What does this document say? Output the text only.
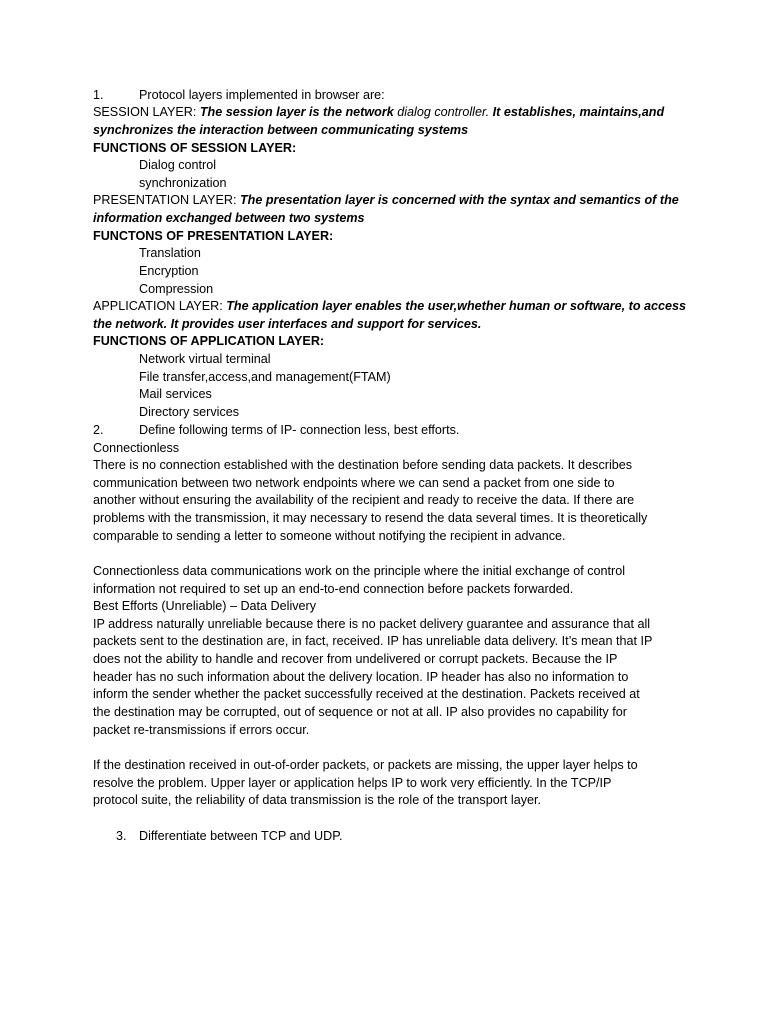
1.	Protocol layers implemented in browser are:
SESSION LAYER: The session layer is the network dialog controller. It establishes, maintains,and
synchronizes the interaction between communicating systems
FUNCTIONS OF SESSION LAYER:
Dialog control
synchronization
PRESENTATION LAYER: The presentation layer is concerned with the syntax and semantics of the
information exchanged between two systems
FUNCTONS OF PRESENTATION LAYER:
Translation
Encryption
Compression
APPLICATION LAYER: The application layer enables the user,whether human or software, to access
the network. It provides user interfaces and support for services.
FUNCTIONS OF APPLICATION LAYER:
Network virtual terminal
File transfer,access,and management(FTAM)
Mail services
Directory services
2.	Define following terms of IP- connection less, best efforts.
Connectionless
There is no connection established with the destination before sending data packets. It describes
communication between two network endpoints where we can send a packet from one side to
another without ensuring the availability of the recipient and ready to receive the data. If there are
problems with the transmission, it may necessary to resend the data several times. It is theoretically
comparable to sending a letter to someone without notifying the recipient in advance.
Connectionless data communications work on the principle where the initial exchange of control
information not required to set up an end-to-end connection before packets forwarded.
Best Efforts (Unreliable) – Data Delivery
IP address naturally unreliable because there is no packet delivery guarantee and assurance that all
packets sent to the destination are, in fact, received. IP has unreliable data delivery. It’s mean that IP
does not the ability to handle and recover from undelivered or corrupt packets. Because the IP
header has no such information about the delivery location. IP header has also no information to
inform the sender whether the packet successfully received at the destination. Packets received at
the destination may be corrupted, out of sequence or not at all. IP also provides no capability for
packet re-transmissions if errors occur.
If the destination received in out-of-order packets, or packets are missing, the upper layer helps to
resolve the problem. Upper layer or application helps IP to work very efficiently. In the TCP/IP
protocol suite, the reliability of data transmission is the role of the transport layer.
3. Differentiate between TCP and UDP.
